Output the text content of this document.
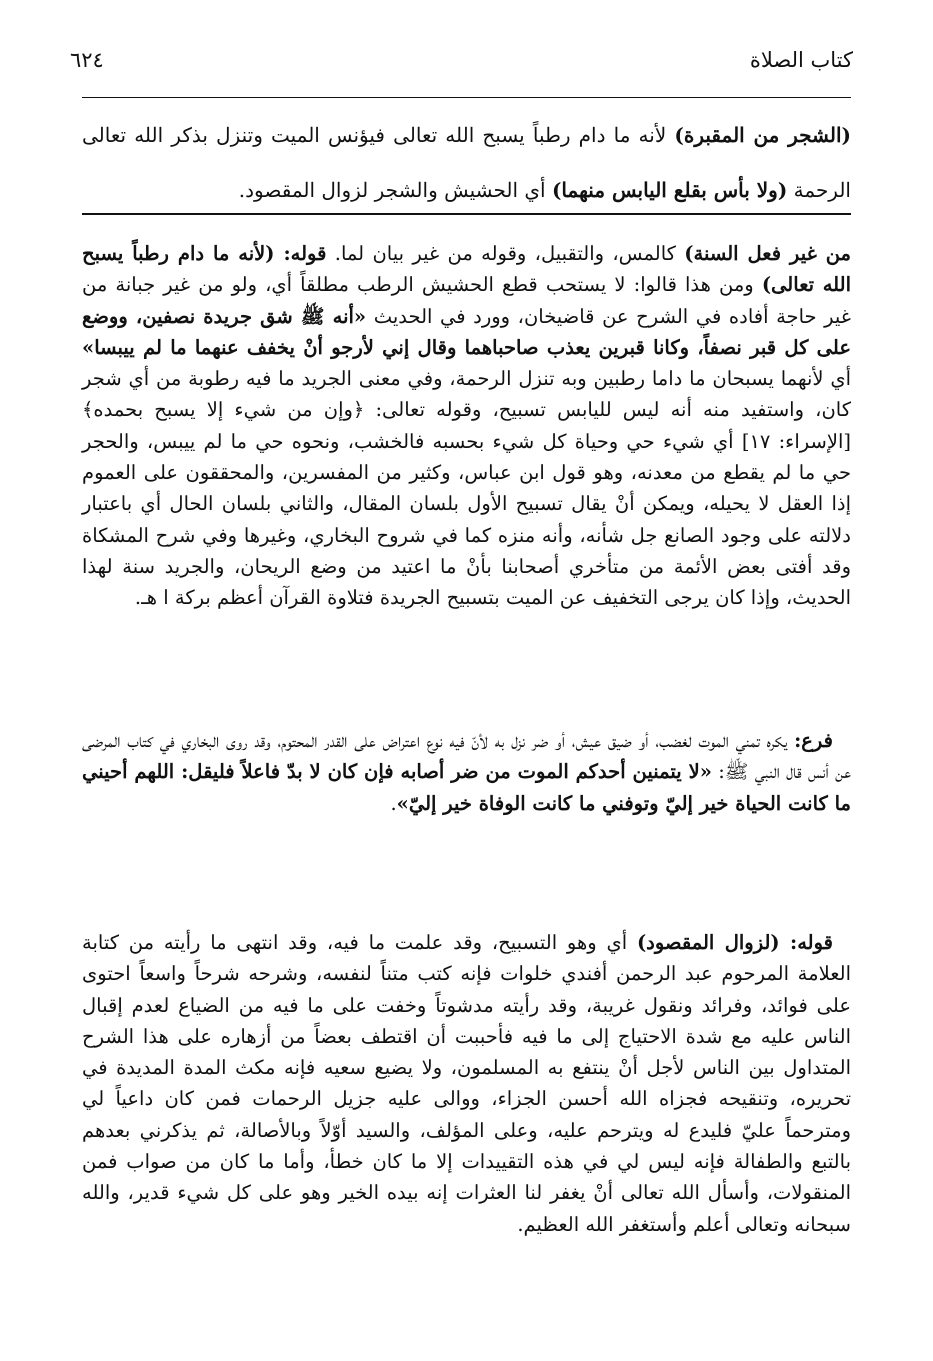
كتاب الصلاة
٦٢٤

(الشجر من المقبرة) لأنه ما دام رطباً يسبح الله تعالى فيؤنس الميت وتنزل بذكر الله تعالى الرحمة (ولا بأس بقلع اليابس منهما) أي الحشيش والشجر لزوال المقصود.

من غير فعل السنة) كالمس، والتقبيل، وقوله من غير بيان لما. قوله: (لأنه ما دام رطباً يسبح الله تعالى) ومن هذا قالوا: لا يستحب قطع الحشيش الرطب مطلقاً أي، ولو من غير جبانة من غير حاجة أفاده في الشرح عن قاضيخان، وورد في الحديث «أنه ﷺ شق جريدة نصفين، ووضع على كل قبر نصفاً، وكانا قبرين يعذب صاحباهما وقال إني لأرجو أنْ يخفف عنهما ما لم ييبسا» أي لأنهما يسبحان ما داما رطبين وبه تنزل الرحمة، وفي معنى الجريد ما فيه رطوبة من أي شجر كان، واستفيد منه أنه ليس لليابس تسبيح، وقوله تعالى: ﴿وإن من شيء إلا يسبح بحمده﴾ [الإسراء: ١٧] أي شيء حي وحياة كل شيء بحسبه فالخشب، ونحوه حي ما لم ييبس، والحجر حي ما لم يقطع من معدنه، وهو قول ابن عباس، وكثير من المفسرين، والمحققون على العموم إذا العقل لا يحيله، ويمكن أنْ يقال تسبيح الأول بلسان المقال، والثاني بلسان الحال أي باعتبار دلالته على وجود الصانع جل شأنه، وأنه منزه كما في شروح البخاري، وغيرها وفي شرح المشكاة وقد أفتى بعض الأئمة من متأخري أصحابنا بأنْ ما اعتيد من وضع الريحان، والجريد سنة لهذا الحديث، وإذا كان يرجى التخفيف عن الميت بتسبيح الجريدة فتلاوة القرآن أعظم بركة ا هـ.

فرع: يكره تمني الموت لغضب، أو ضيق عيش، أو ضر نزل به لأنّ فيه نوع اعتراض على القدر المحتوم، وقد روى البخاري في كتاب المرضى عن أنس قال النبي ﷺ: «لا يتمنين أحدكم الموت من ضر أصابه فإن كان لا بدّ فاعلاً فليقل: اللهم أحيني ما كانت الحياة خير إليّ وتوفني ما كانت الوفاة خير إليّ».

قوله: (لزوال المقصود) أي وهو التسبيح، وقد علمت ما فيه، وقد انتهى ما رأيته من كتابة العلامة المرحوم عبد الرحمن أفندي خلوات فإنه كتب متناً لنفسه، وشرحه شرحاً واسعاً احتوى على فوائد، وفرائد ونقول غريبة، وقد رأيته مدشوتاً وخفت على ما فيه من الضياع لعدم إقبال الناس عليه مع شدة الاحتياج إلى ما فيه فأحببت أن اقتطف بعضاً من أزهاره على هذا الشرح المتداول بين الناس لأجل أنْ ينتفع به المسلمون، ولا يضيع سعيه فإنه مكث المدة المديدة في تحريره، وتنقيحه فجزاه الله أحسن الجزاء، ووالى عليه جزيل الرحمات فمن كان داعياً لي ومترحماً عليّ فليدع له ويترحم عليه، وعلى المؤلف، والسيد أوّلاً وبالأصالة، ثم يذكرني بعدهم بالتبع والطفالة فإنه ليس لي في هذه التقييدات إلا ما كان خطأ، وأما ما كان من صواب فمن المنقولات، وأسأل الله تعالى أنْ يغفر لنا العثرات إنه بيده الخير وهو على كل شيء قدير، والله سبحانه وتعالى أعلم وأستغفر الله العظيم.
